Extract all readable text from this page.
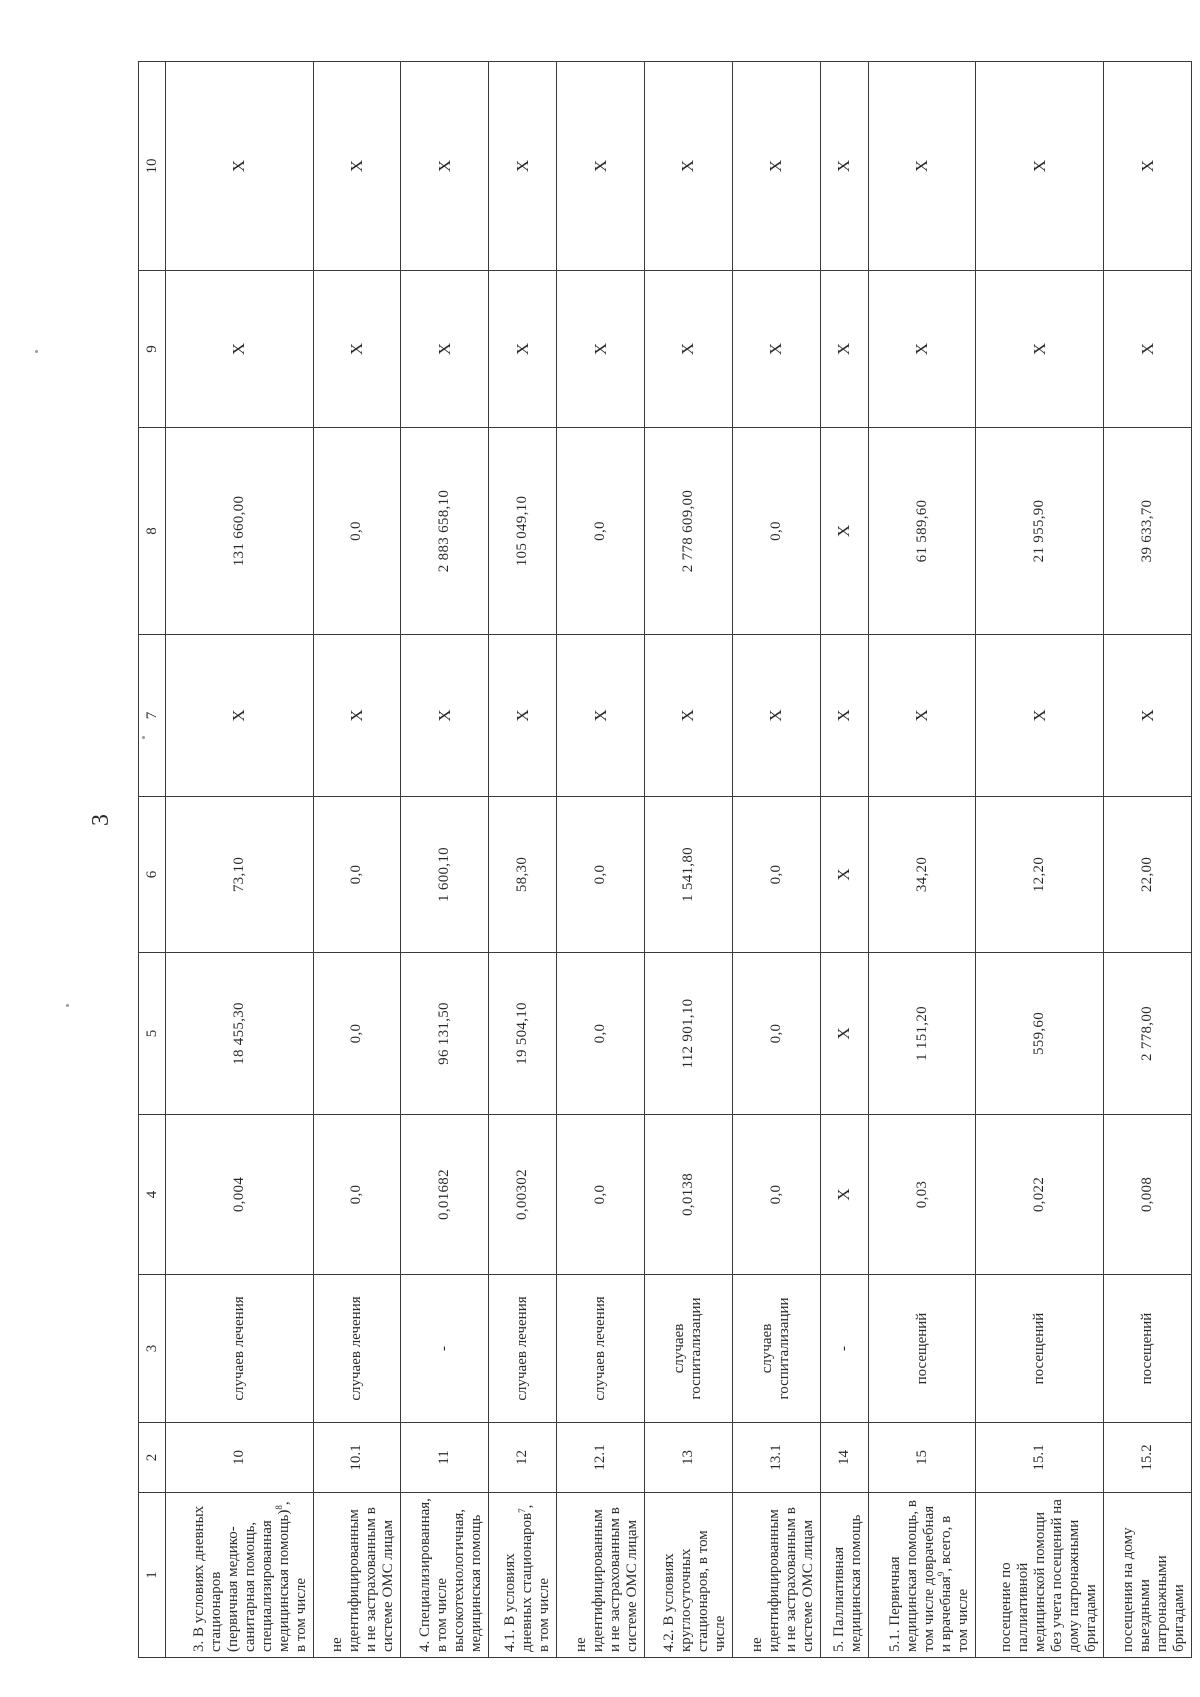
3
1	2	3	4	5	6	7	8	9	10
3. В условиях дневных стационаров (первичная медико-санитарная помощь, специализированная медицинская помощь)$^8$, в том числе	10	случаев лечения	0,004	18 455,30	73,10	X	131 660,00	X	X
не идентифицированным и не застрахованным в системе ОМС лицам	10.1	случаев лечения	0,0	0,0	0,0	X	0,0	X	X
4. Специализированная, в том числе высокотехнологичная, медицинская помощь	11	-	0,01682	96 131,50	1 600,10	X	2 883 658,10	X	X
4.1. В условиях дневных стационаров$^7$, в том числе	12	случаев лечения	0,00302	19 504,10	58,30	X	105 049,10	X	X
не идентифицированным и не застрахованным в системе ОМС лицам	12.1	случаев лечения	0,0	0,0	0,0	X	0,0	X	X
4.2. В условиях круглосуточных стационаров, в том числе	13	случаев госпитализации	0,0138	112 901,10	1 541,80	X	2 778 609,00	X	X
не идентифицированным и не застрахованным в системе ОМС лицам	13.1	случаев госпитализации	0,0	0,0	0,0	X	0,0	X	X
5. Паллиативная медицинская помощь	14	-	X	X	X	X	X	X	X
5.1. Первичная медицинская помощь, в том числе доврачебная и врачебная$^9$, всего, в том числе	15	посещений	0,03	1 151,20	34,20	X	61 589,60	X	X
посещение по паллиативной медицинской помощи без учета посещений на дому патронажными бригадами	15.1	посещений	0,022	559,60	12,20	X	21 955,90	X	X
посещения на дому выездными патронажными бригадами	15.2	посещений	0,008	2 778,00	22,00	X	39 633,70	X	X
